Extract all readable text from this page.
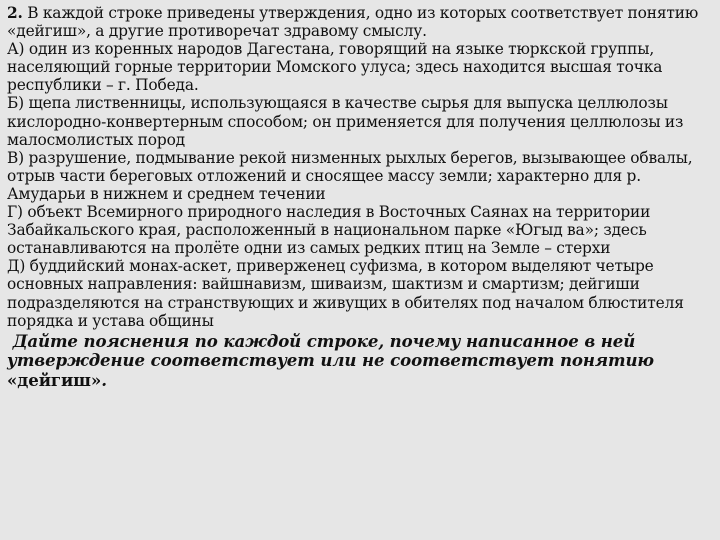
2. В каждой строке приведены утверждения, одно из которых соответствует понятию «дейгиш», а другие противоречат здравому смыслу.

А) один из коренных народов Дагестана, говорящий на языке тюркской группы, населяющий горные территории Момского улуса; здесь находится высшая точка республики – г. Победа.

Б) щепа лиственницы, использующаяся в качестве сырья для выпуска целлюлозы кислородно-конвертерным способом; он применяется для получения целлюлозы из малосмолистых пород

В) разрушение, подмывание рекой низменных рыхлых берегов, вызывающее обвалы, отрыв части береговых отложений и сносящее массу земли; характерно для р. Амударьи в нижнем и среднем течении

Г) объект Всемирного природного наследия в Восточных Саянах на территории Забайкальского края, расположенный в национальном парке «Югыд ва»; здесь останавливаются на пролёте одни из самых редких птиц на Земле – стерхи

Д) буддийский монах-аскет, приверженец суфизма, в котором выделяют четыре основных направления: вайшнавизм, шиваизм, шактизм и смартизм; дейгиши подразделяются на странствующих и живущих в обителях под началом блюстителя порядка и устава общины

Дайте пояснения по каждой строке, почему написанное в ней утверждение соответствует или не соответствует понятию «дейгиш».
